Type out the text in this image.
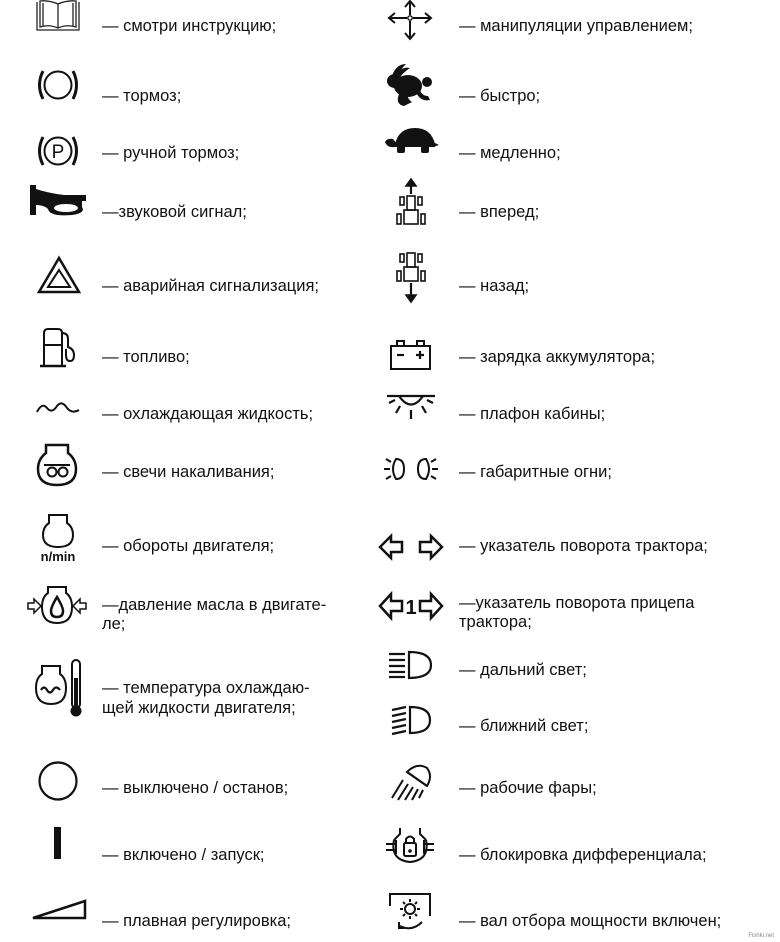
— смотри инструкцию;
— тормоз;
P — ручной тормоз;
—звуковой сигнал;
— аварийная сигнализация;
— топливо;
— охлаждающая жидкость;
— свечи накаливания;
n/min
— обороты двигателя;
—давление масла в двигате-
ле;
— температура охлаждаю-
щей жидкости двигателя;
— выключено / останов;
— включено / запуск;
— плавная регулировка;
— манипуляции управлением;
— быстро;
— медленно;
— вперед;
— назад;
— зарядка аккумулятора;
— плафон кабины;
— габаритные огни;
— указатель поворота трактора;
1	—указатель поворота прицепа
трактора;
— дальний свет;
— ближний свет;
— рабочие фары;
— блокировка дифференциала;
— вал отбора мощности включен;
Fishki.net
